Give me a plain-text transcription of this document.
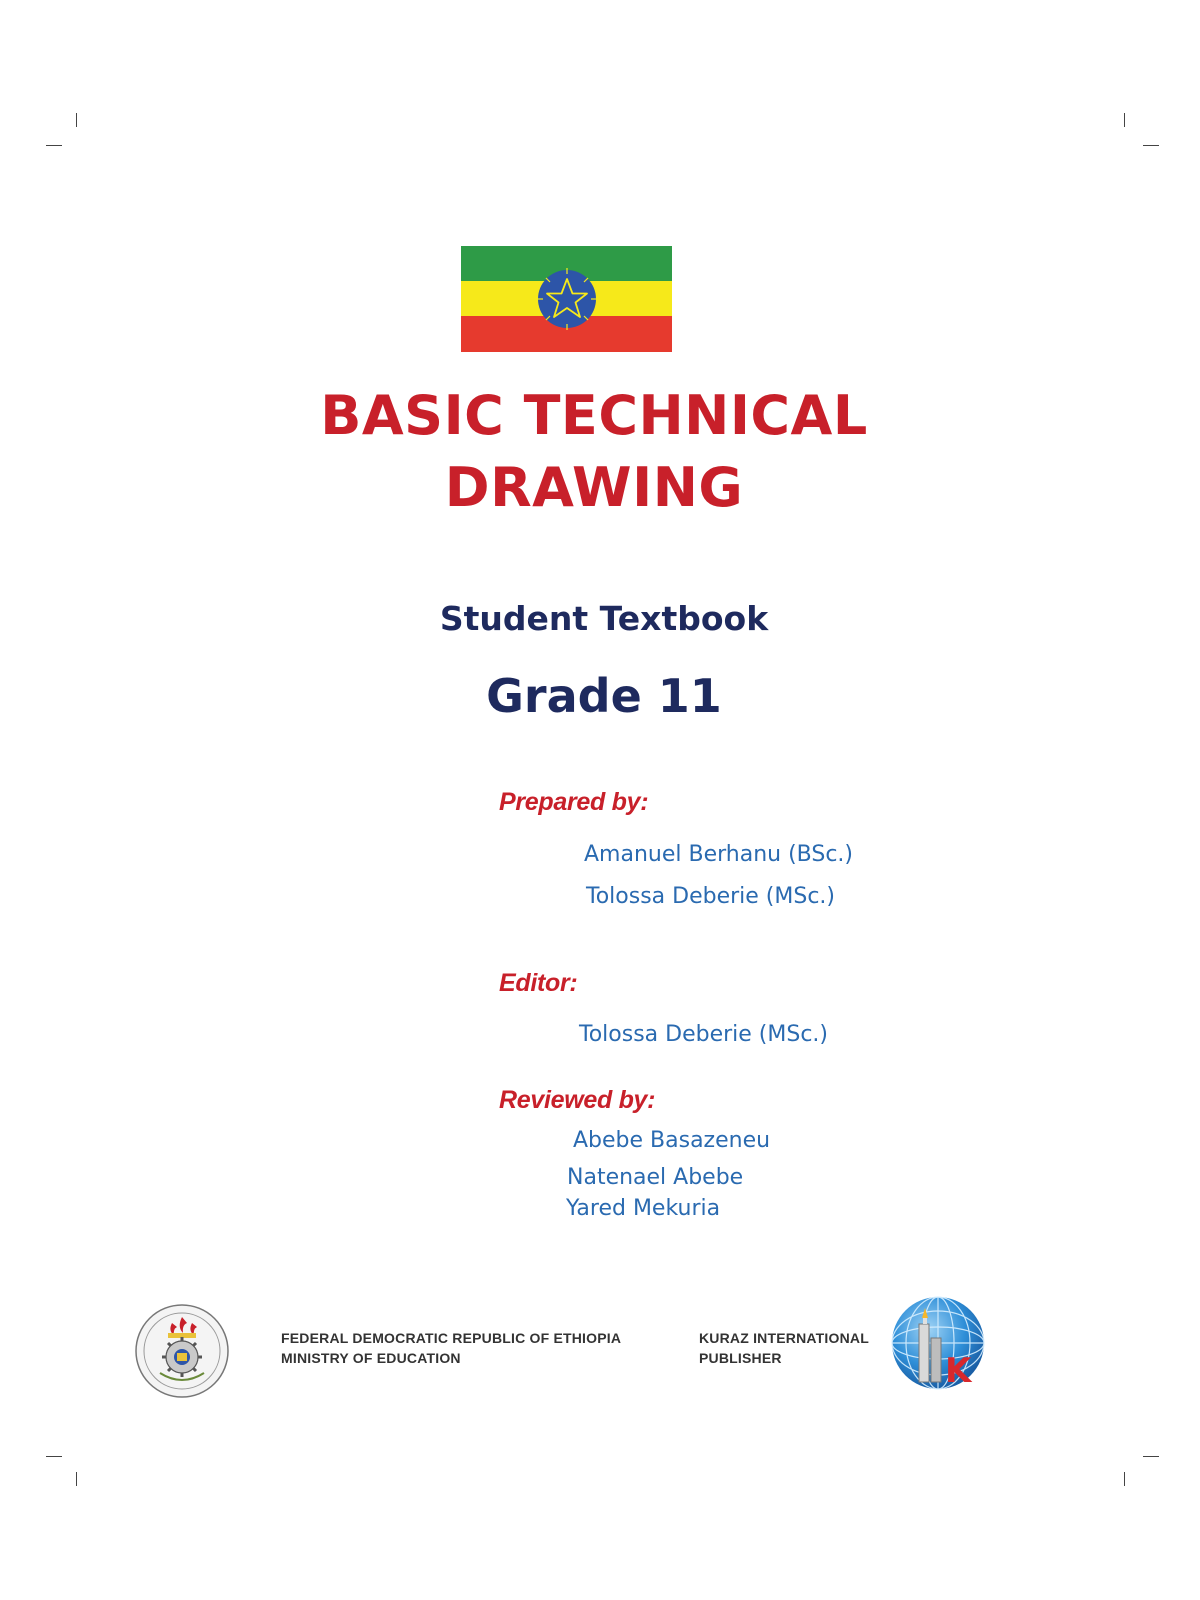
BASIC TECHNICAL
DRAWING
Student Textbook
Grade 11
Prepared by:
Amanuel Berhanu (BSc.)
Tolossa Deberie (MSc.)
Editor:
Tolossa Deberie (MSc.)
Reviewed by:
Abebe Basazeneu
Natenael Abebe
Yared Mekuria
FEDERAL DEMOCRATIC REPUBLIC OF ETHIOPIA
MINISTRY OF EDUCATION
KURAZ INTERNATIONAL
PUBLISHER	K
